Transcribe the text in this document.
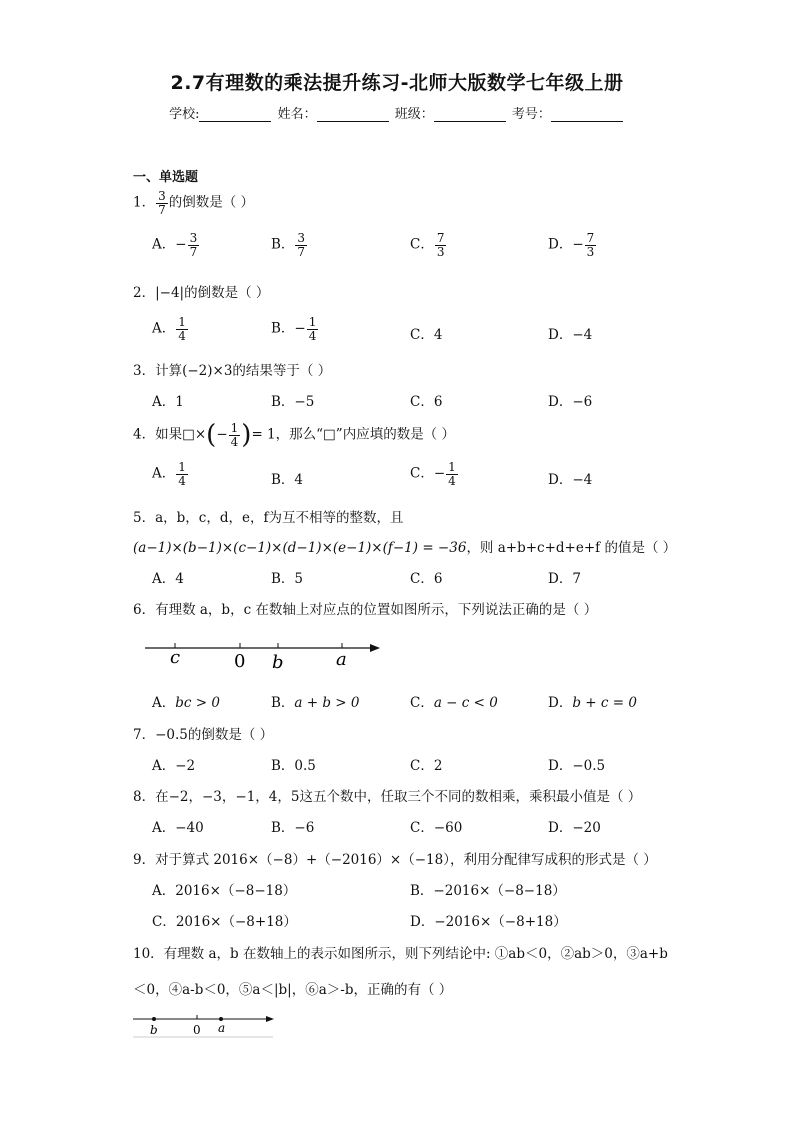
2.7有理数的乘法提升练习-北师大版数学七年级上册
学校:	姓名：	班级：	考号：
一、单选题
1． $\frac{3}{7}$ 的倒数是（ ）
A．− $\frac{3}{7}$	B． $\frac{3}{7}$	C． $\frac{7}{3}$	D．− $\frac{7}{3}$
2．|−4|的倒数是（ ）
A． $\frac{1}{4}$	B．− $\frac{1}{4}$	C．4	D．−4
3．计算(−2)×3的结果等于（ ）
A．1	B．−5	C．6	D．−6
4．如果□×(− $\frac{1}{4}$ )= 1，那么“□”内应填的数是（ ）
A． $\frac{1}{4}$	B．4	C．− $\frac{1}{4}$	D．−4
5．a，b，c，d，e，f为互不相等的整数，且
(a−1)×(b−1)×(c−1)×(d−1)×(e−1)×(f−1) = −36，则 a+b+c+d+e+f 的值是（ ）
A．4	B．5	C．6	D．7
6．有理数 a，b，c 在数轴上对应点的位置如图所示，下列说法正确的是（ ）
c	0 b	a
A．bc > 0	B．a + b > 0	C．a − c < 0	D．b + c = 0
7．−0.5的倒数是（ ）
A．−2	B．0.5	C．2	D．−0.5
8．在−2，−3，−1，4，5这五个数中，任取三个不同的数相乘，乘积最小值是（ ）
A．−40	B．−6	C．−60	D．−20
9．对于算式 2016×（−8）+（−2016）×（−18），利用分配律写成积的形式是（ ）
A．2016×（−8−18）	B．−2016×（−8−18）
C．2016×（−8+18）	D．−2016×（−8+18）
10．有理数 a，b 在数轴上的表示如图所示，则下列结论中: ①ab＜0，②ab＞0，③a+b
＜0，④a-b＜0，⑤a＜|b|，⑥a＞-b，正确的有（ ）
b	0 a
